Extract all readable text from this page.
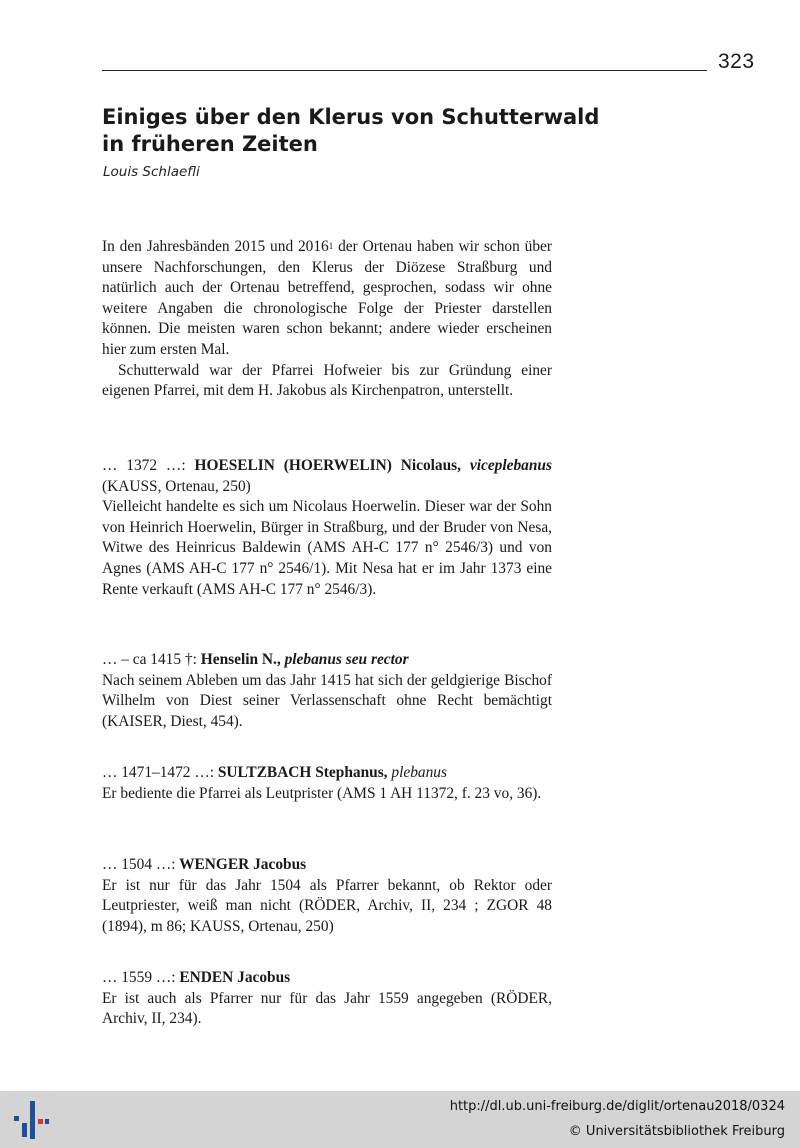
323
Einiges über den Klerus von Schutterwald
in früheren Zeiten
Louis Schlaefli

In den Jahresbänden 2015 und 2016$^1$ der Ortenau haben wir schon über unsere Nachforschungen, den Klerus der Diözese Straßburg und natürlich auch der Ortenau betreffend, gesprochen, sodass wir ohne weitere Angaben die chronologische Folge der Priester darstellen können. Die meisten waren schon bekannt; andere wieder erscheinen hier zum ersten Mal.

Schutterwald war der Pfarrei Hofweier bis zur Gründung einer eigenen Pfarrei, mit dem H. Jakobus als Kirchenpatron, unterstellt.

… 1372 …: HOESELIN (HOERWELIN) Nicolaus, viceplebanus (KAUSS, Ortenau, 250)

Vielleicht handelte es sich um Nicolaus Hoerwelin. Dieser war der Sohn von Heinrich Hoerwelin, Bürger in Straßburg, und der Bruder von Nesa, Witwe des Heinricus Baldewin (AMS AH-C 177 n° 2546/3) und von Agnes (AMS AH-C 177 n° 2546/1). Mit Nesa hat er im Jahr 1373 eine Rente verkauft (AMS AH-C 177 n° 2546/3).

… – ca 1415 †: Henselin N., plebanus seu rector

Nach seinem Ableben um das Jahr 1415 hat sich der geldgierige Bischof Wilhelm von Diest seiner Verlassenschaft ohne Recht bemächtigt (KAISER, Diest, 454).

… 1471–1472 …: SULTZBACH Stephanus, plebanus

Er bediente die Pfarrei als Leutprister (AMS 1 AH 11372, f. 23 vo, 36).

… 1504 …: WENGER Jacobus

Er ist nur für das Jahr 1504 als Pfarrer bekannt, ob Rektor oder Leutpriester, weiß man nicht (RÖDER, Archiv, II, 234 ; ZGOR 48 (1894), m 86; KAUSS, Ortenau, 250)

… 1559 …: ENDEN Jacobus

Er ist auch als Pfarrer nur für das Jahr 1559 angegeben (RÖDER, Archiv, II, 234).

http://dl.ub.uni-freiburg.de/diglit/ortenau2018/0324
© Universitätsbibliothek Freiburg
